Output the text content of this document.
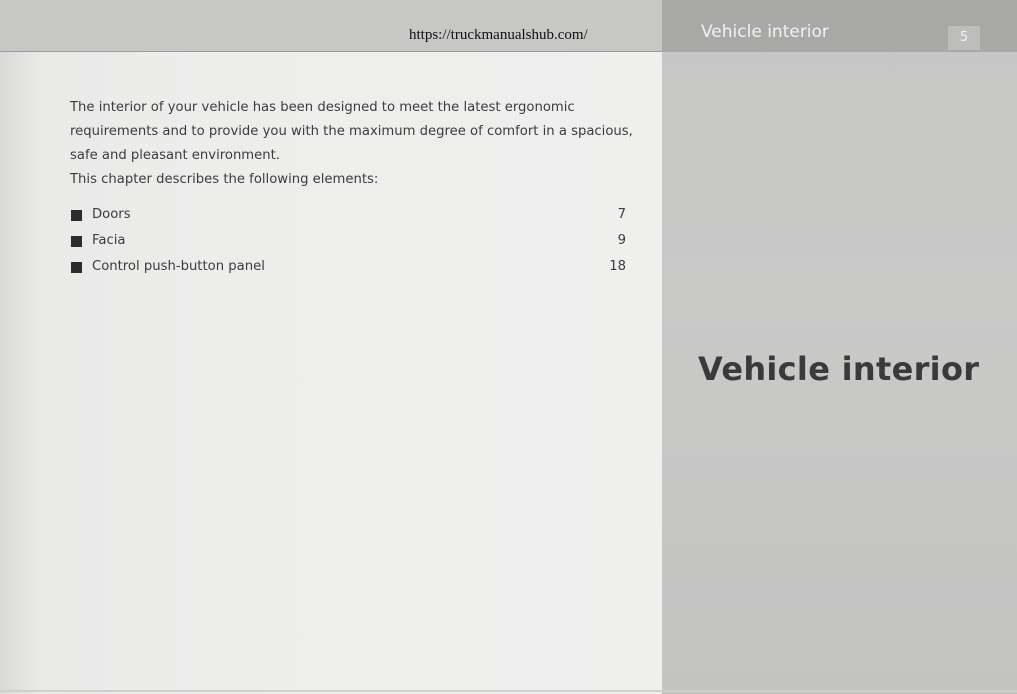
https://truckmanualshub.com/	Vehicle interior	5

The interior of your vehicle has been designed to meet the latest ergonomic

requirements and to provide you with the maximum degree of comfort in a spacious,

safe and pleasant environment.

This chapter describes the following elements:

Doors	7
Facia	9
Control push-button panel	18
Vehicle interior
